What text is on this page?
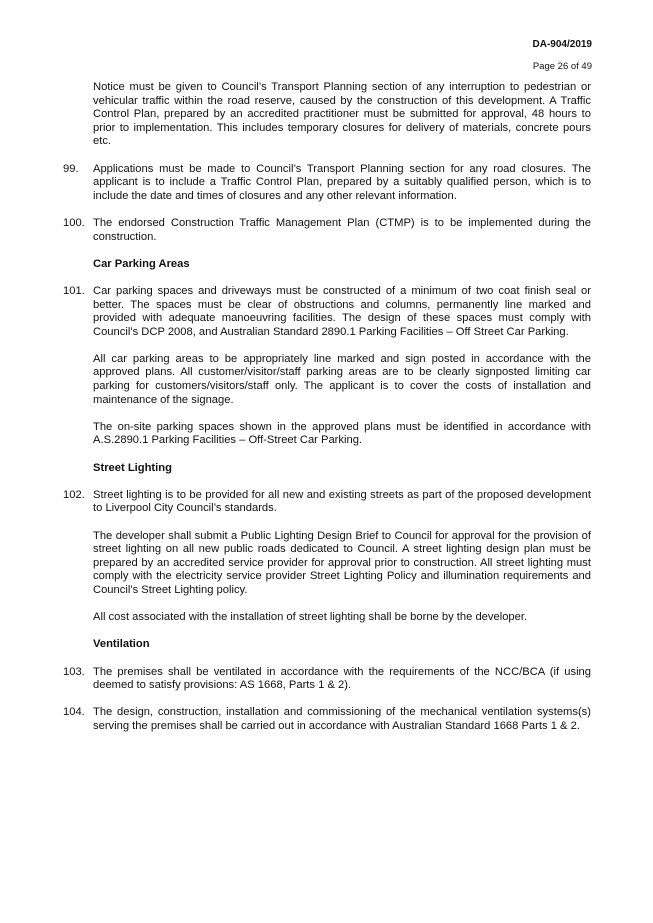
DA-904/2019
Page 26 of 49
Notice must be given to Council’s Transport Planning section of any interruption to pedestrian or vehicular traffic within the road reserve, caused by the construction of this development. A Traffic Control Plan, prepared by an accredited practitioner must be submitted for approval, 48 hours to prior to implementation. This includes temporary closures for delivery of materials, concrete pours etc.
99.	Applications must be made to Council’s Transport Planning section for any road closures. The applicant is to include a Traffic Control Plan, prepared by a suitably qualified person, which is to include the date and times of closures and any other relevant information.
100. The endorsed Construction Traffic Management Plan (CTMP) is to be implemented during the construction.
Car Parking Areas
101. Car parking spaces and driveways must be constructed of a minimum of two coat finish seal or better. The spaces must be clear of obstructions and columns, permanently line marked and provided with adequate manoeuvring facilities. The design of these spaces must comply with Council’s DCP 2008, and Australian Standard 2890.1 Parking Facilities – Off Street Car Parking.
All car parking areas to be appropriately line marked and sign posted in accordance with the approved plans. All customer/visitor/staff parking areas are to be clearly signposted limiting car parking for customers/visitors/staff only. The applicant is to cover the costs of installation and maintenance of the signage.
The on-site parking spaces shown in the approved plans must be identified in accordance with A.S.2890.1 Parking Facilities – Off-Street Car Parking.
Street Lighting
102. Street lighting is to be provided for all new and existing streets as part of the proposed development to Liverpool City Council’s standards.
The developer shall submit a Public Lighting Design Brief to Council for approval for the provision of street lighting on all new public roads dedicated to Council. A street lighting design plan must be prepared by an accredited service provider for approval prior to construction. All street lighting must comply with the electricity service provider Street Lighting Policy and illumination requirements and Council’s Street Lighting policy.
All cost associated with the installation of street lighting shall be borne by the developer.
Ventilation
103. The premises shall be ventilated in accordance with the requirements of the NCC/BCA (if using deemed to satisfy provisions: AS 1668, Parts 1 & 2).
104. The design, construction, installation and commissioning of the mechanical ventilation systems(s) serving the premises shall be carried out in accordance with Australian Standard 1668 Parts 1 & 2.
